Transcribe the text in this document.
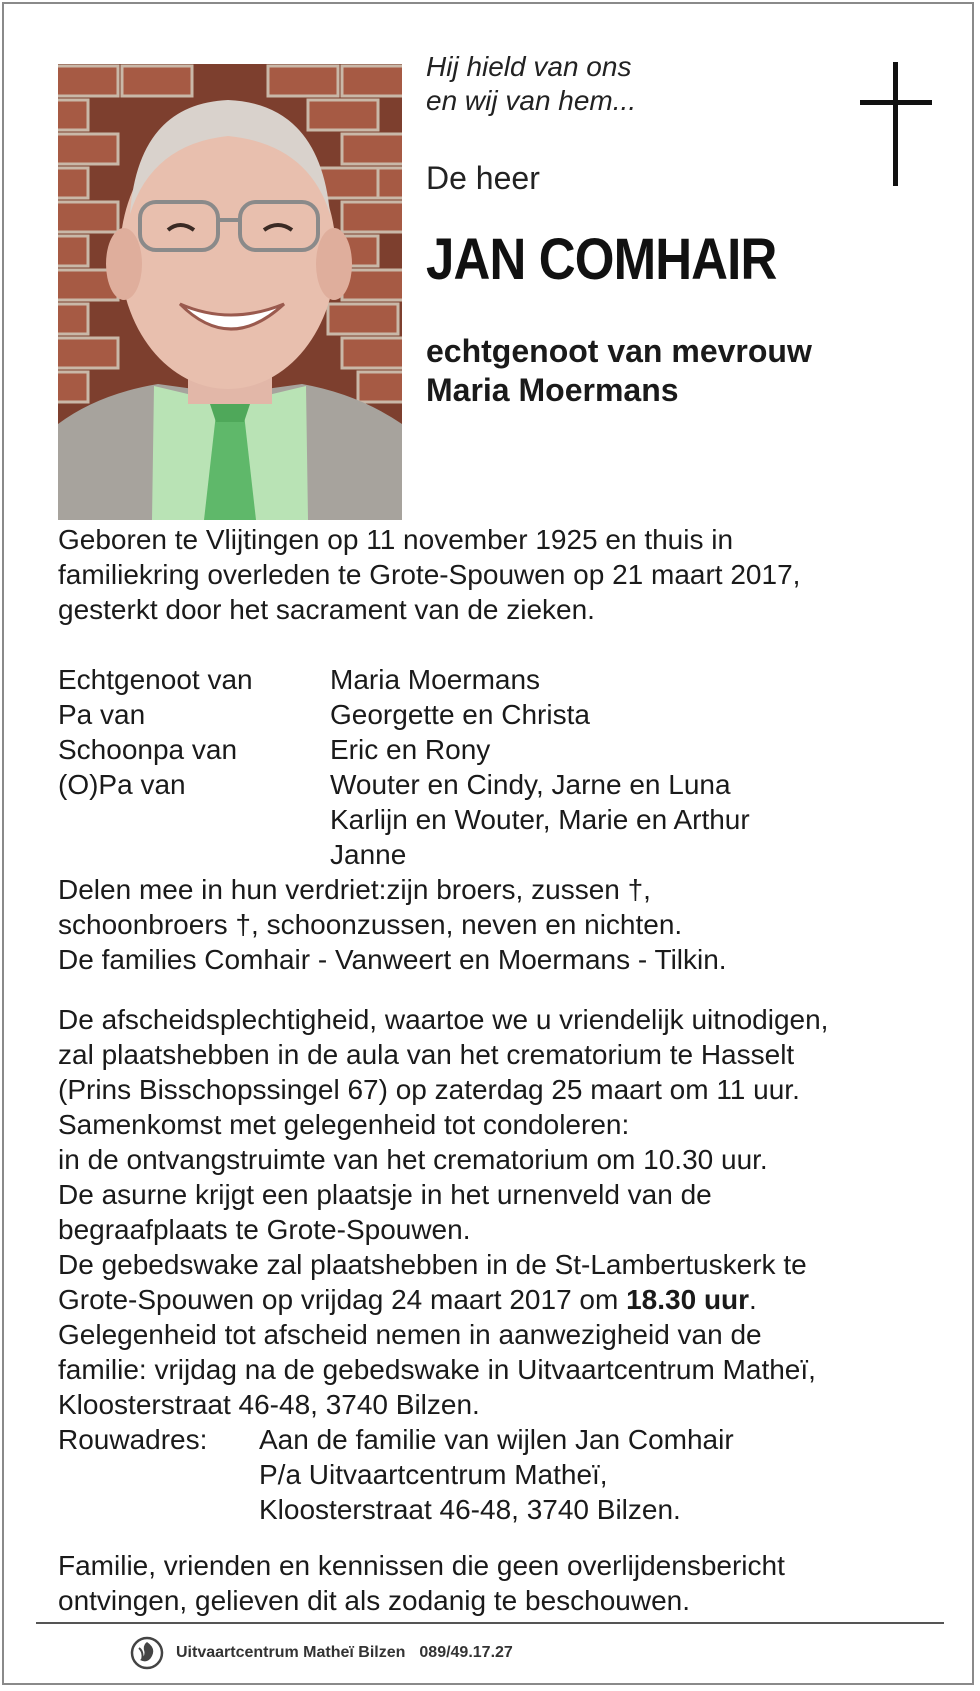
Hij hield van ons
en wij van hem...
De heer
JAN COMHAIR
echtgenoot van mevrouw
Maria Moermans
Geboren te Vlijtingen op 11 november 1925 en thuis in
familiekring overleden te Grote-Spouwen op 21 maart 2017,
gesterkt door het sacrament van de zieken.
Echtgenoot van	Maria Moermans
Pa van	Georgette en Christa
Schoonpa van	Eric en Rony
(O)Pa van	Wouter en Cindy, Jarne en Luna
Karlijn en Wouter, Marie en Arthur
Janne
Delen mee in hun verdriet:zijn broers, zussen †,
schoonbroers †, schoonzussen, neven en nichten.
De families Comhair - Vanweert en Moermans - Tilkin.
De afscheidsplechtigheid, waartoe we u vriendelijk uitnodigen,
zal plaatshebben in de aula van het crematorium te Hasselt
(Prins Bisschopssingel 67) op zaterdag 25 maart om 11 uur.
Samenkomst met gelegenheid tot condoleren:
in de ontvangstruimte van het crematorium om 10.30 uur.
De asurne krijgt een plaatsje in het urnenveld van de
begraafplaats te Grote-Spouwen.
De gebedswake zal plaatshebben in de St-Lambertuskerk te
Grote-Spouwen op vrijdag 24 maart 2017 om 18.30 uur.
Gelegenheid tot afscheid nemen in aanwezigheid van de
familie: vrijdag na de gebedswake in Uitvaartcentrum Matheï,
Kloosterstraat 46-48, 3740 Bilzen.
Rouwadres:	Aan de familie van wijlen Jan Comhair
P/a Uitvaartcentrum Matheï,
Kloosterstraat 46-48, 3740 Bilzen.
Familie, vrienden en kennissen die geen overlijdensbericht
ontvingen, gelieven dit als zodanig te beschouwen.
Uitvaartcentrum Matheï Bilzen 089/49.17.27
